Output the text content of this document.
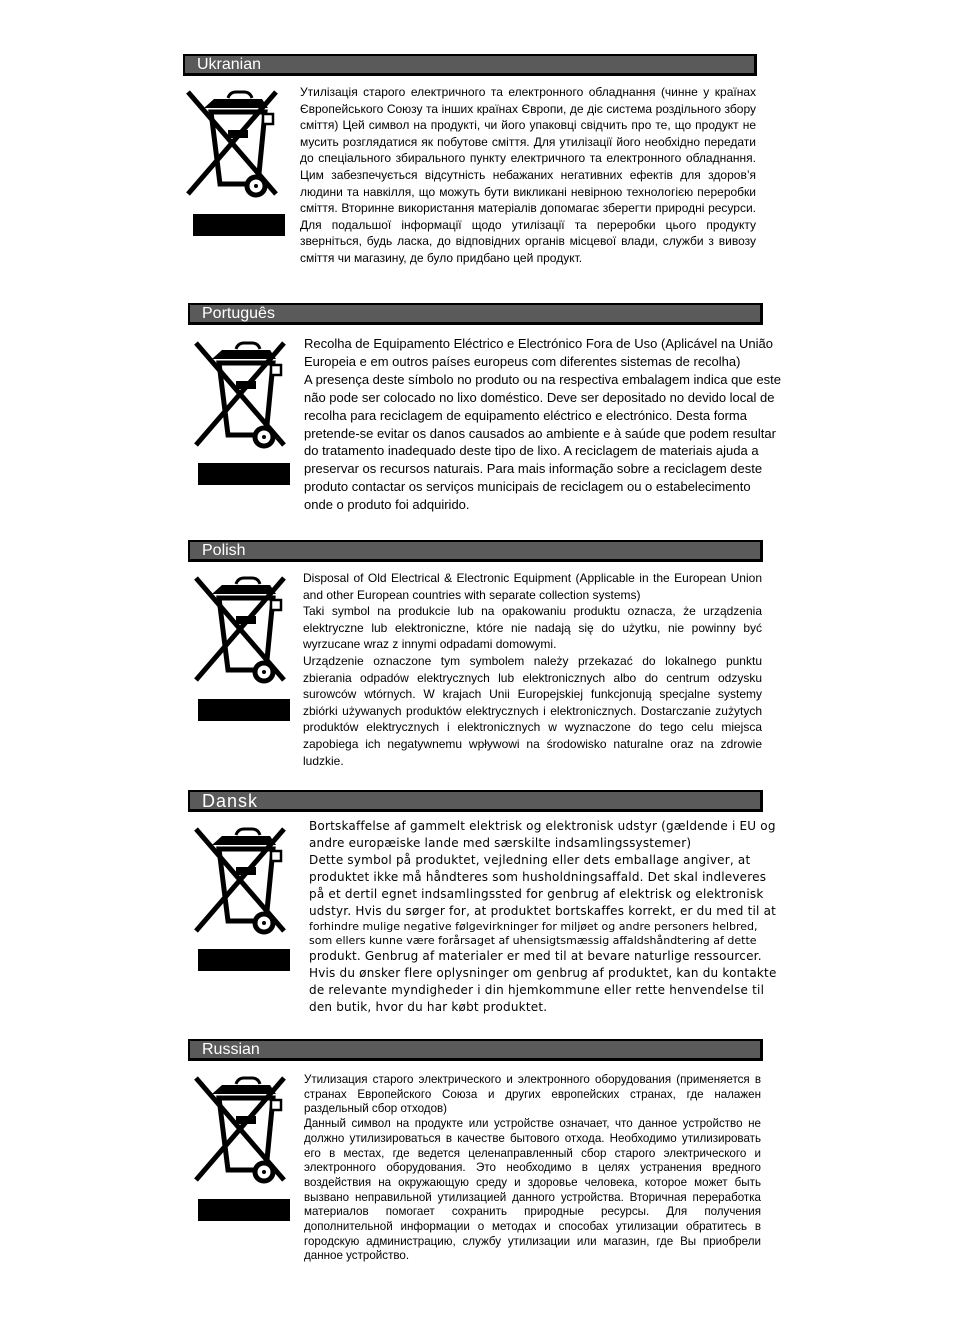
Ukranian

Утилізація старого електричного та електронного обладнання (чинне у країнах Європейського Союзу та інших країнах Європи, де діє система роздільного збору сміття) Цей символ на продукті, чи його упаковці свідчить про те, що продукт не мусить розглядатися як побутове сміття. Для утилізації його необхідно передати до спеціального збирального пункту електричного та електронного обладнання. Цим забезпечується відсутність небажаних негативних ефектів для здоров’я людини та навкілля, що можуть бути викликані невірною технологією переробки сміття. Вторинне використання матеріалів допомагає зберегти природні ресурси. Для подальшої інформації щодо утилізації та переробки цього продукту зверніться, будь ласка, до відповідних органів місцевої влади, служби з вивозу сміття чи магазину, де було придбано цей продукт.

Português

Recolha de Equipamento Eléctrico e Electrónico Fora de Uso (Aplicável na União Europeia e em outros países europeus com diferentes sistemas de recolha)

A presença deste símbolo no produto ou na respectiva embalagem indica que este não pode ser colocado no lixo doméstico. Deve ser depositado no devido local de recolha para reciclagem de equipamento eléctrico e electrónico. Desta forma pretende-se evitar os danos causados ao ambiente e à saúde que podem resultar do tratamento inadequado deste tipo de lixo. A reciclagem de materiais ajuda a preservar os recursos naturais. Para mais informação sobre a reciclagem deste produto contactar os serviços municipais de reciclagem ou o estabelecimento onde o produto foi adquirido.

Polish

Disposal of Old Electrical & Electronic Equipment (Applicable in the European Union and other European countries with separate collection systems)

Taki symbol na produkcie lub na opakowaniu produktu oznacza, że urządzenia elektryczne lub elektroniczne, które nie nadają się do użytku, nie powinny być wyrzucane wraz z innymi odpadami domowymi.

Urządzenie oznaczone tym symbolem należy przekazać do lokalnego punktu zbierania odpadów elektrycznych lub elektronicznych albo do centrum odzysku surowców wtórnych. W krajach Unii Europejskiej funkcjonują specjalne systemy zbiórki używanych produktów elektrycznych i elektronicznych. Dostarczanie zużytych produktów elektrycznych i elektronicznych w wyznaczone do tego celu miejsca zapobiega ich negatywnemu wpływowi na środowisko naturalne oraz na zdrowie ludzkie.

Dansk

Bortskaffelse af gammelt elektrisk og elektronisk udstyr (gældende i EU og andre europæiske lande med særskilte indsamlingssystemer)

Dette symbol på produktet, vejledning eller dets emballage angiver, at produktet ikke må håndteres som husholdningsaffald. Det skal indleveres på et dertil egnet indsamlingssted for genbrug af elektrisk og elektronisk udstyr. Hvis du sørger for, at produktet bortskaffes korrekt, er du med til at

forhindre mulige negative følgevirkninger for miljøet og andre personers helbred, som ellers kunne være forårsaget af uhensigtsmæssig affaldshåndtering af dette

produkt. Genbrug af materialer er med til at bevare naturlige ressourcer. Hvis du ønsker flere oplysninger om genbrug af produktet, kan du kontakte de relevante myndigheder i din hjemkommune eller rette henvendelse til den butik, hvor du har købt produktet.

Russian

Утилизация старого электрического и электронного оборудования (применяется в странах Европейского Союза и других европейских странах, где налажен раздельный сбор отходов)

Данный символ на продукте или устройстве означает, что данное устройство не должно утилизироваться в качестве бытового отхода. Необходимо утилизировать его в местах, где ведется целенаправленный сбор старого электрического и электронного оборудования. Это необходимо в целях устранения вредного воздействия на окружающую среду и здоровье человека, которое может быть вызвано неправильной утилизацией данного устройства. Вторичная переработка материалов помогает сохранить природные ресурсы. Для получения дополнительной информации о методах и способах утилизации обратитесь в городскую администрацию, службу утилизации или магазин, где Вы приобрели данное устройство.
